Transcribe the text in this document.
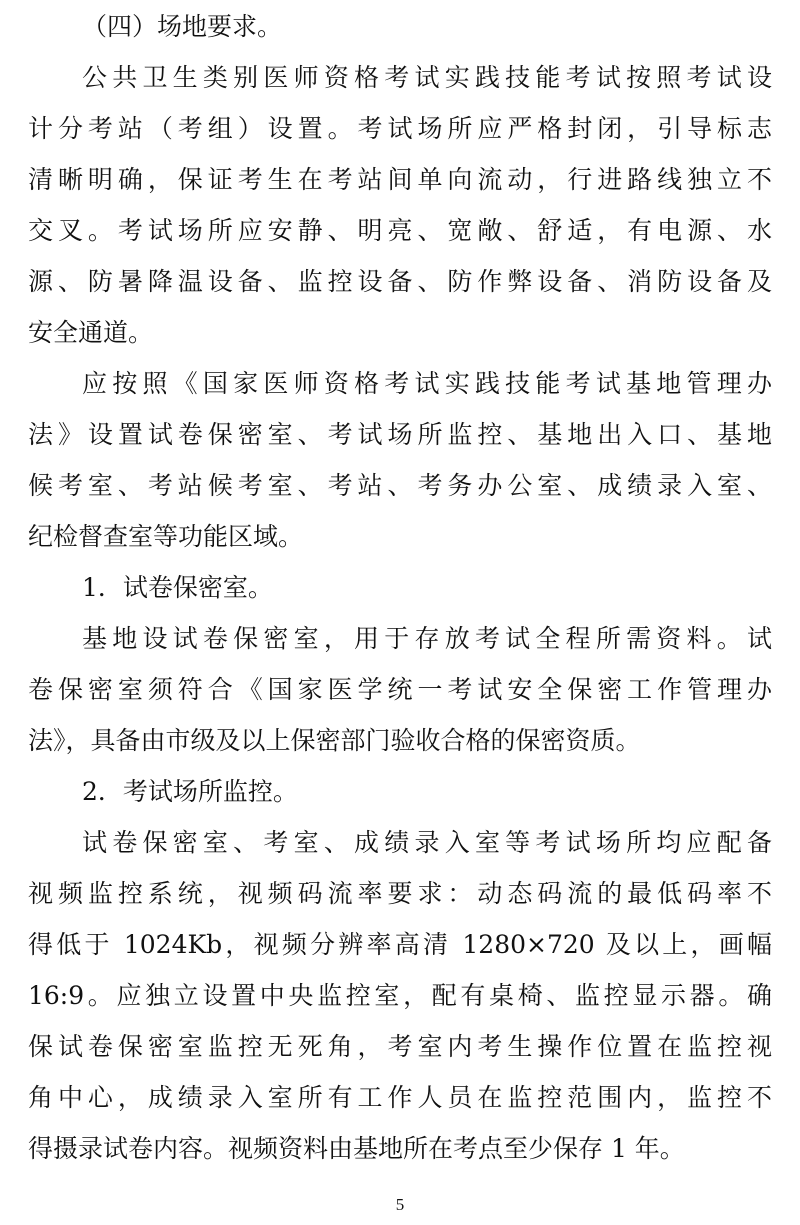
（四）场地要求。
公共卫生类别医师资格考试实践技能考试按照考试设
计分考站（考组）设置。考试场所应严格封闭，引导标志
清晰明确，保证考生在考站间单向流动，行进路线独立不
交叉。考试场所应安静、明亮、宽敞、舒适，有电源、水
源、防暑降温设备、监控设备、防作弊设备、消防设备及
安全通道。
应按照《国家医师资格考试实践技能考试基地管理办
法》设置试卷保密室、考试场所监控、基地出入口、基地
候考室、考站候考室、考站、考务办公室、成绩录入室、
纪检督查室等功能区域。
1．试卷保密室。
基地设试卷保密室，用于存放考试全程所需资料。试
卷保密室须符合《国家医学统一考试安全保密工作管理办
法》，具备由市级及以上保密部门验收合格的保密资质。
2．考试场所监控。
试卷保密室、考室、成绩录入室等考试场所均应配备
视频监控系统，视频码流率要求：动态码流的最低码率不
得低于 1024Kb，视频分辨率高清 1280×720 及以上，画幅
16:9。应独立设置中央监控室，配有桌椅、监控显示器。确
保试卷保密室监控无死角，考室内考生操作位置在监控视
角中心，成绩录入室所有工作人员在监控范围内，监控不
得摄录试卷内容。视频资料由基地所在考点至少保存 1 年。
5
